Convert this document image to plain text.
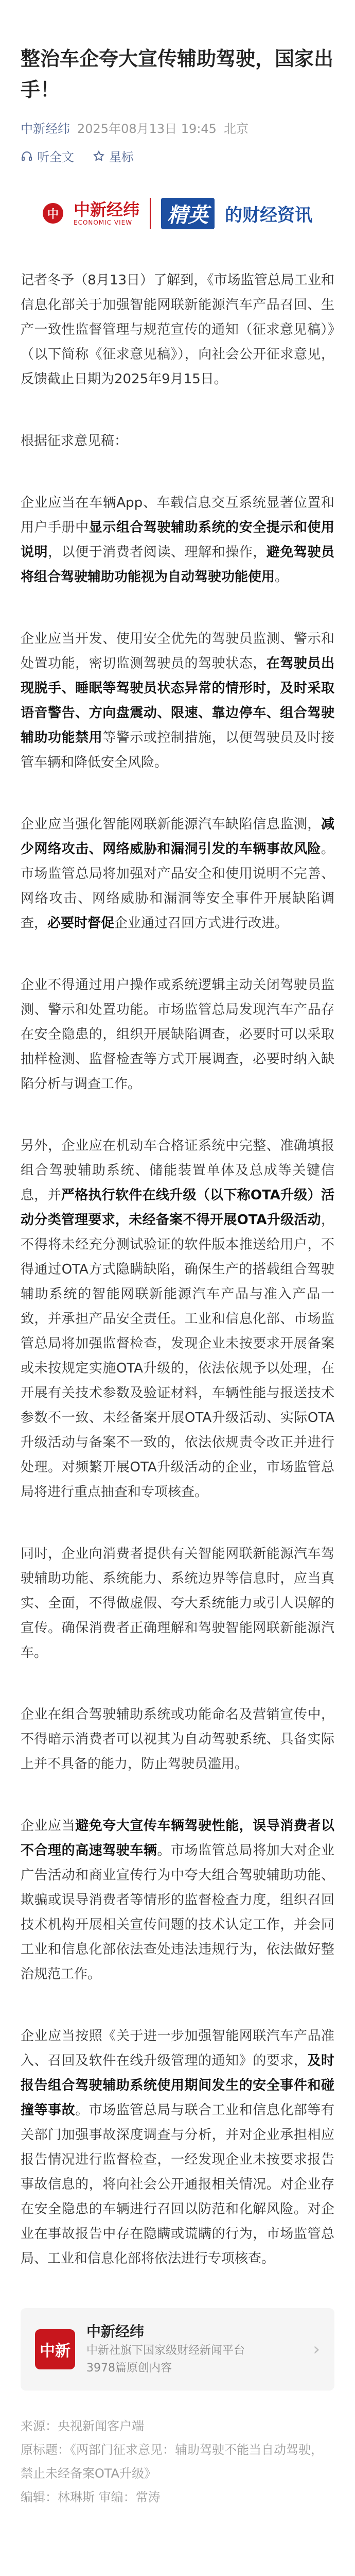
整治车企夸大宣传辅助驾驶，国家出手！
中新经纬 2025年08月13日 19:45 北京
听全文	星标
中 中新经纬
ECONOMIC VIEW	精英 的财经资讯

记者冬予（8月13日）了解到，《市场监管总局工业和信息化部关于加强智能网联新能源汽车产品召回、生产一致性监督管理与规范宣传的通知（征求意见稿）》（以下简称《征求意见稿》），向社会公开征求意见，反馈截止日期为2025年9月15日。

根据征求意见稿：

企业应当在车辆App、车载信息交互系统显著位置和用户手册中显示组合驾驶辅助系统的安全提示和使用说明，以便于消费者阅读、理解和操作，避免驾驶员将组合驾驶辅助功能视为自动驾驶功能使用。

企业应当开发、使用安全优先的驾驶员监测、警示和处置功能，密切监测驾驶员的驾驶状态，在驾驶员出现脱手、睡眠等驾驶员状态异常的情形时，及时采取语音警告、方向盘震动、限速、靠边停车、组合驾驶辅助功能禁用等警示或控制措施，以便驾驶员及时接管车辆和降低安全风险。

企业应当强化智能网联新能源汽车缺陷信息监测，减少网络攻击、网络威胁和漏洞引发的车辆事故风险。市场监管总局将加强对产品安全和使用说明不完善、网络攻击、网络威胁和漏洞等安全事件开展缺陷调查，必要时督促企业通过召回方式进行改进。

企业不得通过用户操作或系统逻辑主动关闭驾驶员监测、警示和处置功能。市场监管总局发现汽车产品存在安全隐患的，组织开展缺陷调查，必要时可以采取抽样检测、监督检查等方式开展调查，必要时纳入缺陷分析与调查工作。

另外，企业应在机动车合格证系统中完整、准确填报组合驾驶辅助系统、储能装置单体及总成等关键信息，并严格执行软件在线升级（以下称OTA升级）活动分类管理要求，未经备案不得开展OTA升级活动，不得将未经充分测试验证的软件版本推送给用户，不得通过OTA方式隐瞒缺陷，确保生产的搭载组合驾驶辅助系统的智能网联新能源汽车产品与准入产品一致，并承担产品安全责任。工业和信息化部、市场监管总局将加强监督检查，发现企业未按要求开展备案或未按规定实施OTA升级的，依法依规予以处理，在开展有关技术参数及验证材料，车辆性能与报送技术参数不一致、未经备案开展OTA升级活动、实际OTA升级活动与备案不一致的，依法依规责令改正并进行处理。对频繁开展OTA升级活动的企业，市场监管总局将进行重点抽查和专项核查。

同时，企业向消费者提供有关智能网联新能源汽车驾驶辅助功能、系统能力、系统边界等信息时，应当真实、全面，不得做虚假、夸大系统能力或引人误解的宣传。确保消费者正确理解和驾驶智能网联新能源汽车。

企业在组合驾驶辅助系统或功能命名及营销宣传中，不得暗示消费者可以视其为自动驾驶系统、具备实际上并不具备的能力，防止驾驶员滥用。

企业应当避免夸大宣传车辆驾驶性能，误导消费者以不合理的高速驾驶车辆。市场监管总局将加大对企业广告活动和商业宣传行为中夸大组合驾驶辅助功能、欺骗或误导消费者等情形的监督检查力度，组织召回技术机构开展相关宣传问题的技术认定工作，并会同工业和信息化部依法查处违法违规行为，依法做好整治规范工作。

企业应当按照《关于进一步加强智能网联汽车产品准入、召回及软件在线升级管理的通知》的要求，及时报告组合驾驶辅助系统使用期间发生的安全事件和碰撞等事故。市场监管总局与联合工业和信息化部等有关部门加强事故深度调查与分析，并对企业承担相应报告情况进行监督检查，一经发现企业未按要求报告事故信息的，将向社会公开通报相关情况。对企业存在安全隐患的车辆进行召回以防范和化解风险。对企业在事故报告中存在隐瞒或谎瞒的行为，市场监管总局、工业和信息化部将依法进行专项核查。

中新
中新经纬
中新社旗下国家级财经新闻平台
3978篇原创内容
›
来源：央视新闻客户端
原标题：《两部门征求意见：辅助驾驶不能当自动驾驶，禁止未经备案OTA升级》
编辑：林琳斯 审编：常涛
